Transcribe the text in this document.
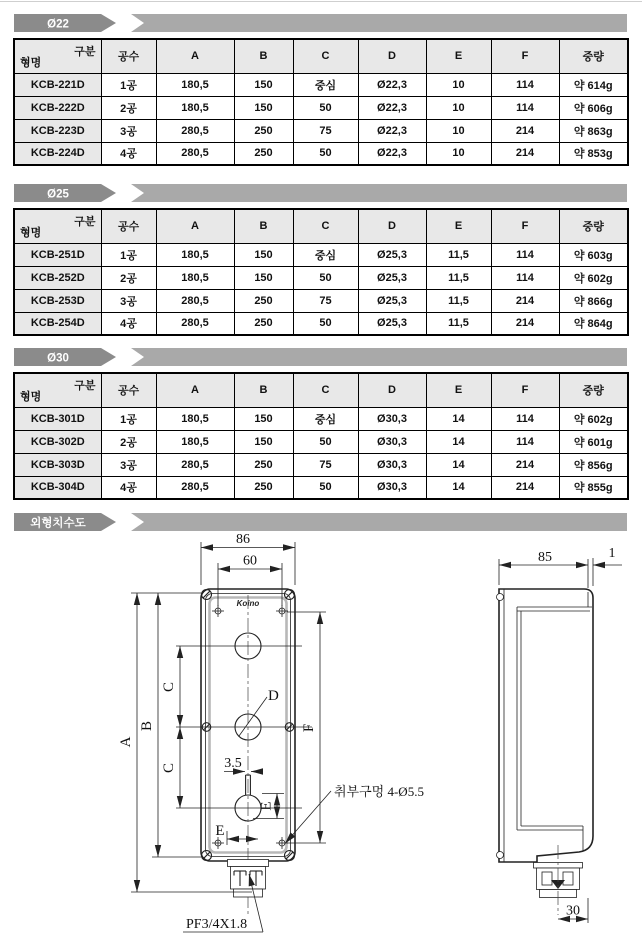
Ø22
Ø25
Ø30
외형치수도
구분
형명	공수	A	B	C	D	E	F	중량
KCB-221D	1공	180,5	150	중심	Ø22,3	10	114	약 614g
KCB-222D	2공	180,5	150	50	Ø22,3	10	114	약 606g
KCB-223D	3공	280,5	250	75	Ø22,3	10	214	약 863g
KCB-224D	4공	280,5	250	50	Ø22,3	10	214	약 853g
구분
형명	공수	A	B	C	D	E	F	중량
KCB-251D	1공	180,5	150	중심	Ø25,3	11,5	114	약 603g
KCB-252D	2공	180,5	150	50	Ø25,3	11,5	114	약 602g
KCB-253D	3공	280,5	250	75	Ø25,3	11,5	214	약 866g
KCB-254D	4공	280,5	250	50	Ø25,3	11,5	214	약 864g
구분
형명	공수	A	B	C	D	E	F	중량
KCB-301D	1공	180,5	150	중심	Ø30,3	14	114	약 602g
KCB-302D	2공	180,5	150	50	Ø30,3	14	114	약 601g
KCB-303D	3공	280,5	250	75	Ø30,3	14	214	약 856g
KCB-304D	4공	280,5	250	50	Ø30,3	14	214	약 855g
Koino
86
60
A
B
C
C
F
D
3.5
E
E
취부구멍 4-Ø5.5
PF3/4X1.8
85	1
30
